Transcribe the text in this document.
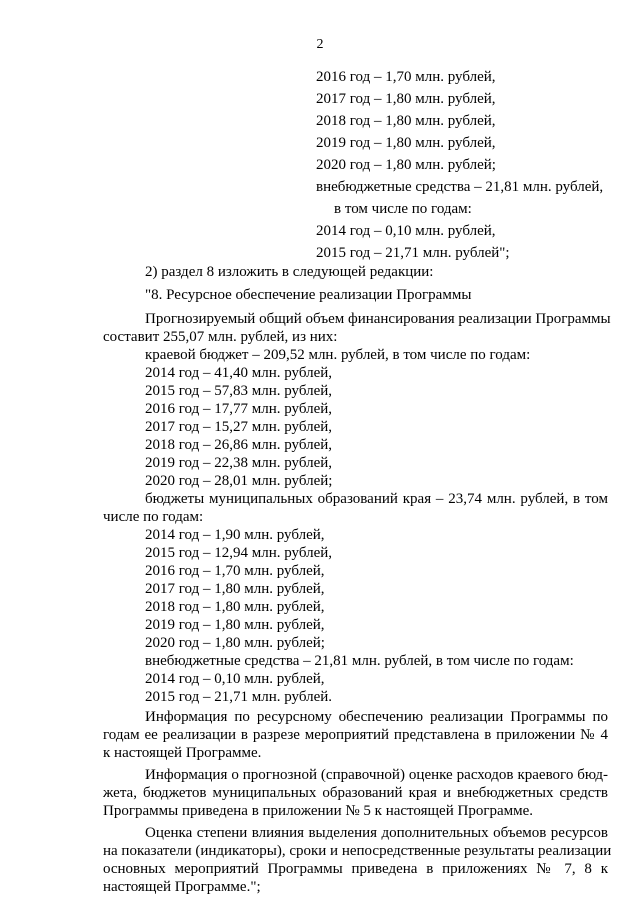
2
2016 год – 1,70 млн. рублей,
2017 год – 1,80 млн. рублей,
2018 год – 1,80 млн. рублей,
2019 год – 1,80 млн. рублей,
2020 год – 1,80 млн. рублей;
внебюджетные средства – 21,81 млн. рублей,
в том числе по годам:
2014 год – 0,10 млн. рублей,
2015 год – 21,71 млн. рублей";
2) раздел 8 изложить в следующей редакции:
"8. Ресурсное обеспечение реализации Программы
Прогнозируемый общий объем финансирования реализации Программы
составит 255,07 млн. рублей, из них:
краевой бюджет – 209,52 млн. рублей, в том числе по годам:
2014 год – 41,40 млн. рублей,
2015 год – 57,83 млн. рублей,
2016 год – 17,77 млн. рублей,
2017 год – 15,27 млн. рублей,
2018 год – 26,86 млн. рублей,
2019 год – 22,38 млн. рублей,
2020 год – 28,01 млн. рублей;
бюджеты муниципальных образований края – 23,74 млн. рублей, в том
числе по годам:
2014 год – 1,90 млн. рублей,
2015 год – 12,94 млн. рублей,
2016 год – 1,70 млн. рублей,
2017 год – 1,80 млн. рублей,
2018 год – 1,80 млн. рублей,
2019 год – 1,80 млн. рублей,
2020 год – 1,80 млн. рублей;
внебюджетные средства – 21,81 млн. рублей, в том числе по годам:
2014 год – 0,10 млн. рублей,
2015 год – 21,71 млн. рублей.
Информация по ресурсному обеспечению реализации Программы по
годам ее реализации в разрезе мероприятий представлена в приложении № 4
к настоящей Программе.
Информация о прогнозной (справочной) оценке расходов краевого бюд-
жета, бюджетов муниципальных образований края и внебюджетных средств
Программы приведена в приложении № 5 к настоящей Программе.
Оценка степени влияния выделения дополнительных объемов ресурсов
на показатели (индикаторы), сроки и непосредственные результаты реализации
основных мероприятий Программы приведена в приложениях № 7, 8 к
настоящей Программе.";
